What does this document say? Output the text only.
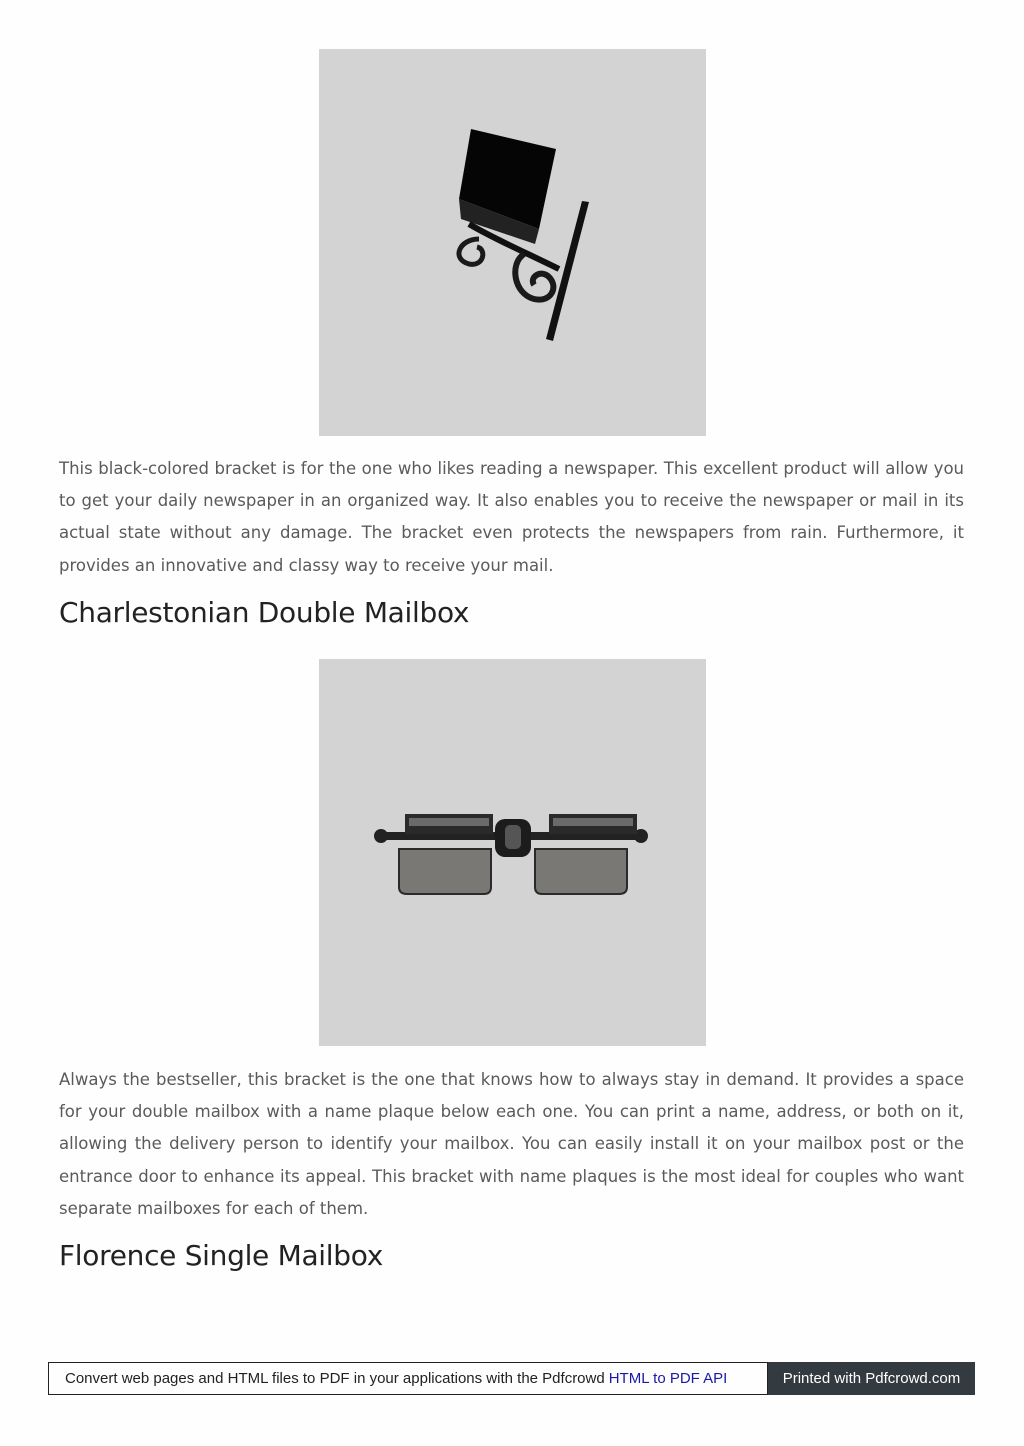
This black-colored bracket is for the one who likes reading a newspaper. This excellent product will allow you to get your daily newspaper in an organized way. It also enables you to receive the newspaper or mail in its actual state without any damage. The bracket even protects the newspapers from rain. Furthermore, it provides an innovative and classy way to receive your mail.

Charlestonian Double Mailbox

Always the bestseller, this bracket is the one that knows how to always stay in demand. It provides a space for your double mailbox with a name plaque below each one. You can print a name, address, or both on it, allowing the delivery person to identify your mailbox. You can easily install it on your mailbox post or the entrance door to enhance its appeal. This bracket with name plaques is the most ideal for couples who want separate mailboxes for each of them.

Florence Single Mailbox
Convert web pages and HTML files to PDF in your applications with the Pdfcrowd HTML to PDF API	Printed with Pdfcrowd.com
